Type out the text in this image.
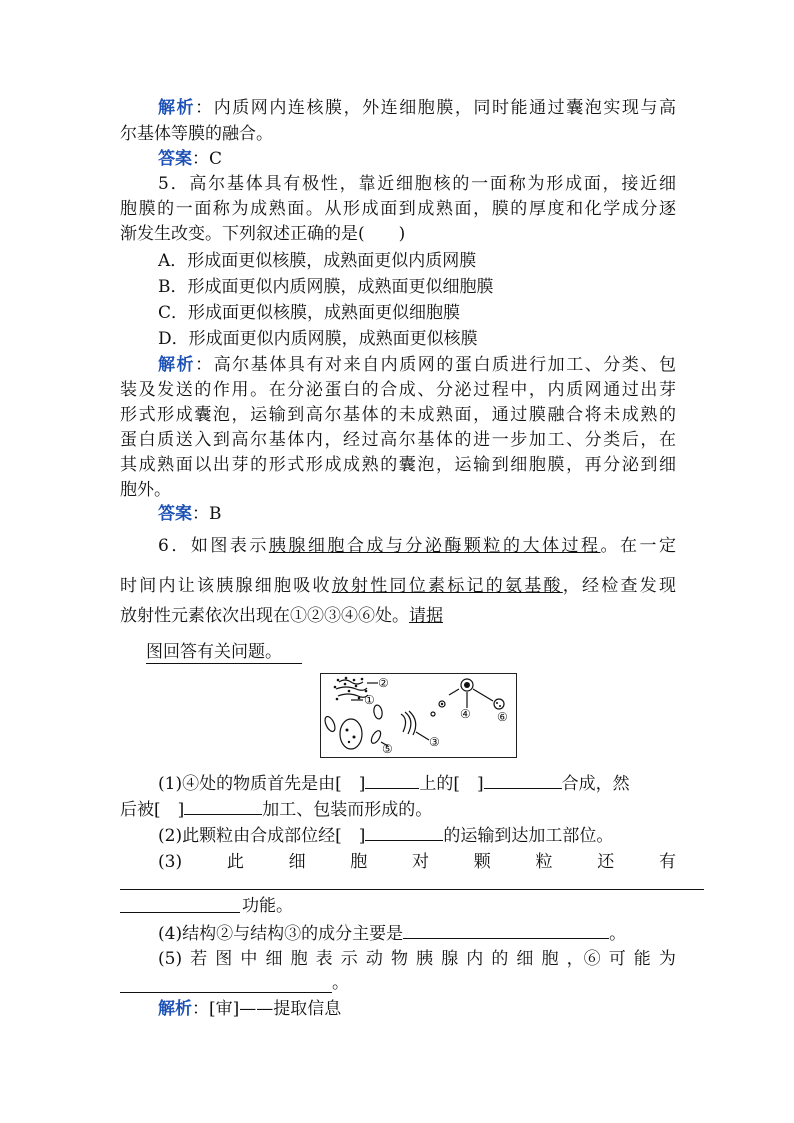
解析：内质网内连核膜，外连细胞膜，同时能通过囊泡实现与高
尔基体等膜的融合。
答案：C
5．高尔基体具有极性，靠近细胞核的一面称为形成面，接近细
胞膜的一面称为成熟面。从形成面到成熟面，膜的厚度和化学成分逐
渐发生改变。下列叙述正确的是(　　)
A．形成面更似核膜，成熟面更似内质网膜
B．形成面更似内质网膜，成熟面更似细胞膜
C．形成面更似核膜，成熟面更似细胞膜
D．形成面更似内质网膜，成熟面更似核膜
解析：高尔基体具有对来自内质网的蛋白质进行加工、分类、包
装及发送的作用。在分泌蛋白的合成、分泌过程中，内质网通过出芽
形式形成囊泡，运输到高尔基体的未成熟面，通过膜融合将未成熟的
蛋白质送入到高尔基体内，经过高尔基体的进一步加工、分类后，在
其成熟面以出芽的形式形成成熟的囊泡，运输到细胞膜，再分泌到细
胞外。
答案：B
6．如图表示胰腺细胞合成与分泌酶颗粒的大体过程。在一定
时间内让该胰腺细胞吸收放射性同位素标记的氨基酸，经检查发现
放射性元素依次出现在①②③④⑥处。请据
图回答有关问题。
②
①
④ ⑥
⑤	③
(1)④处的物质首先是由[　]	上的[　]	合成，然
后被[　]	加工、包装而形成的。
(2)此颗粒由合成部位经[　]	的运输到达加工部位。
(3)	此	细	胞	对	颗	粒	还	有
功能。
(4)结构②与结构③的成分主要是	。
(5) 若 图 中 细 胞 表 示 动 物 胰 腺 内 的 细 胞 ，⑥ 可 能 为
。
解析：[审]——提取信息
